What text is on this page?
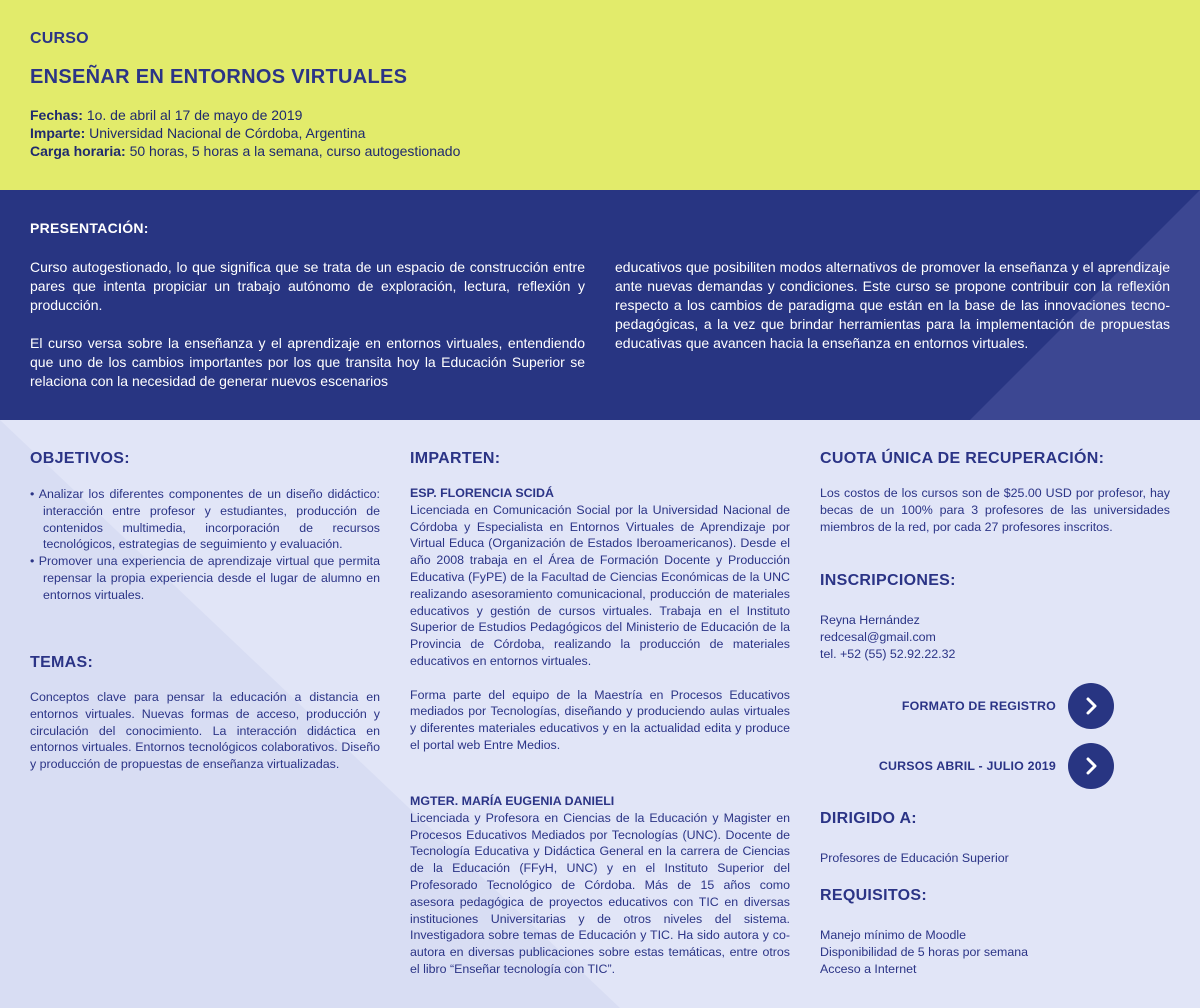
CURSO
ENSEÑAR EN ENTORNOS VIRTUALES
Fechas: 1o. de abril al 17 de mayo de 2019
Imparte: Universidad Nacional de Córdoba, Argentina
Carga horaria: 50 horas, 5 horas a la semana, curso autogestionado
PRESENTACIÓN:

Curso autogestionado, lo que significa que se trata de un espacio de construcción entre pares que intenta propiciar un trabajo autónomo de exploración, lectura, reflexión y producción.

El curso versa sobre la enseñanza y el aprendizaje en entornos virtuales, entendiendo que uno de los cambios importantes por los que transita hoy la Educación Superior se relaciona con la necesidad de generar nuevos escenarios

educativos que posibiliten modos alternativos de promover la enseñanza y el aprendizaje ante nuevas demandas y condiciones. Este curso se propone contribuir con la reflexión respecto a los cambios de paradigma que están en la base de las innovaciones tecno-pedagógicas, a la vez que brindar herramientas para la implementación de propuestas educativas que avancen hacia la enseñanza en entornos virtuales.

OBJETIVOS:

• Analizar los diferentes componentes de un diseño didáctico: interacción entre profesor y estudiantes, producción de contenidos multimedia, incorporación de recursos tecnológicos, estrategias de seguimiento y evaluación.

• Promover una experiencia de aprendizaje virtual que permita repensar la propia experiencia desde el lugar de alumno en entornos virtuales.

TEMAS:
Conceptos clave para pensar la educación a distancia en entornos virtuales. Nuevas formas de acceso, producción y circulación del conocimiento. La interacción didáctica en entornos virtuales. Entornos tecnológicos colaborativos. Diseño y producción de propuestas de enseñanza virtualizadas.
IMPARTEN:

ESP. FLORENCIA SCIDÁ

Licenciada en Comunicación Social por la Universidad Nacional de Córdoba y Especialista en Entornos Virtuales de Aprendizaje por Virtual Educa (Organización de Estados Iberoamericanos). Desde el año 2008 trabaja en el Área de Formación Docente y Producción Educativa (FyPE) de la Facultad de Ciencias Económicas de la UNC realizando asesoramiento comunicacional, producción de materiales educativos y gestión de cursos virtuales. Trabaja en el Instituto Superior de Estudios Pedagógicos del Ministerio de Educación de la Provincia de Córdoba, realizando la producción de materiales educativos en entornos virtuales.

Forma parte del equipo de la Maestría en Procesos Educativos mediados por Tecnologías, diseñando y produciendo aulas virtuales y diferentes materiales educativos y en la actualidad edita y produce el portal web Entre Medios.

MGTER. MARÍA EUGENIA DANIELI

Licenciada y Profesora en Ciencias de la Educación y Magister en Procesos Educativos Mediados por Tecnologías (UNC). Docente de Tecnología Educativa y Didáctica General en la carrera de Ciencias de la Educación (FFyH, UNC) y en el Instituto Superior del Profesorado Tecnológico de Córdoba. Más de 15 años como asesora pedagógica de proyectos educativos con TIC en diversas instituciones Universitarias y de otros niveles del sistema. Investigadora sobre temas de Educación y TIC. Ha sido autora y co-autora en diversas publicaciones sobre estas temáticas, entre otros el libro “Enseñar tecnología con TIC”.

CUOTA ÚNICA DE RECUPERACIÓN:
Los costos de los cursos son de $25.00 USD por profesor, hay becas de un 100% para 3 profesores de las universidades miembros de la red, por cada 27 profesores inscritos.
INSCRIPCIONES:

Reyna Hernández

redcesal@gmail.com

tel. +52 (55) 52.92.22.32

FORMATO DE REGISTRO
CURSOS ABRIL - JULIO 2019
DIRIGIDO A:
Profesores de Educación Superior
REQUISITOS:

Manejo mínimo de Moodle

Disponibilidad de 5 horas por semana

Acceso a Internet
